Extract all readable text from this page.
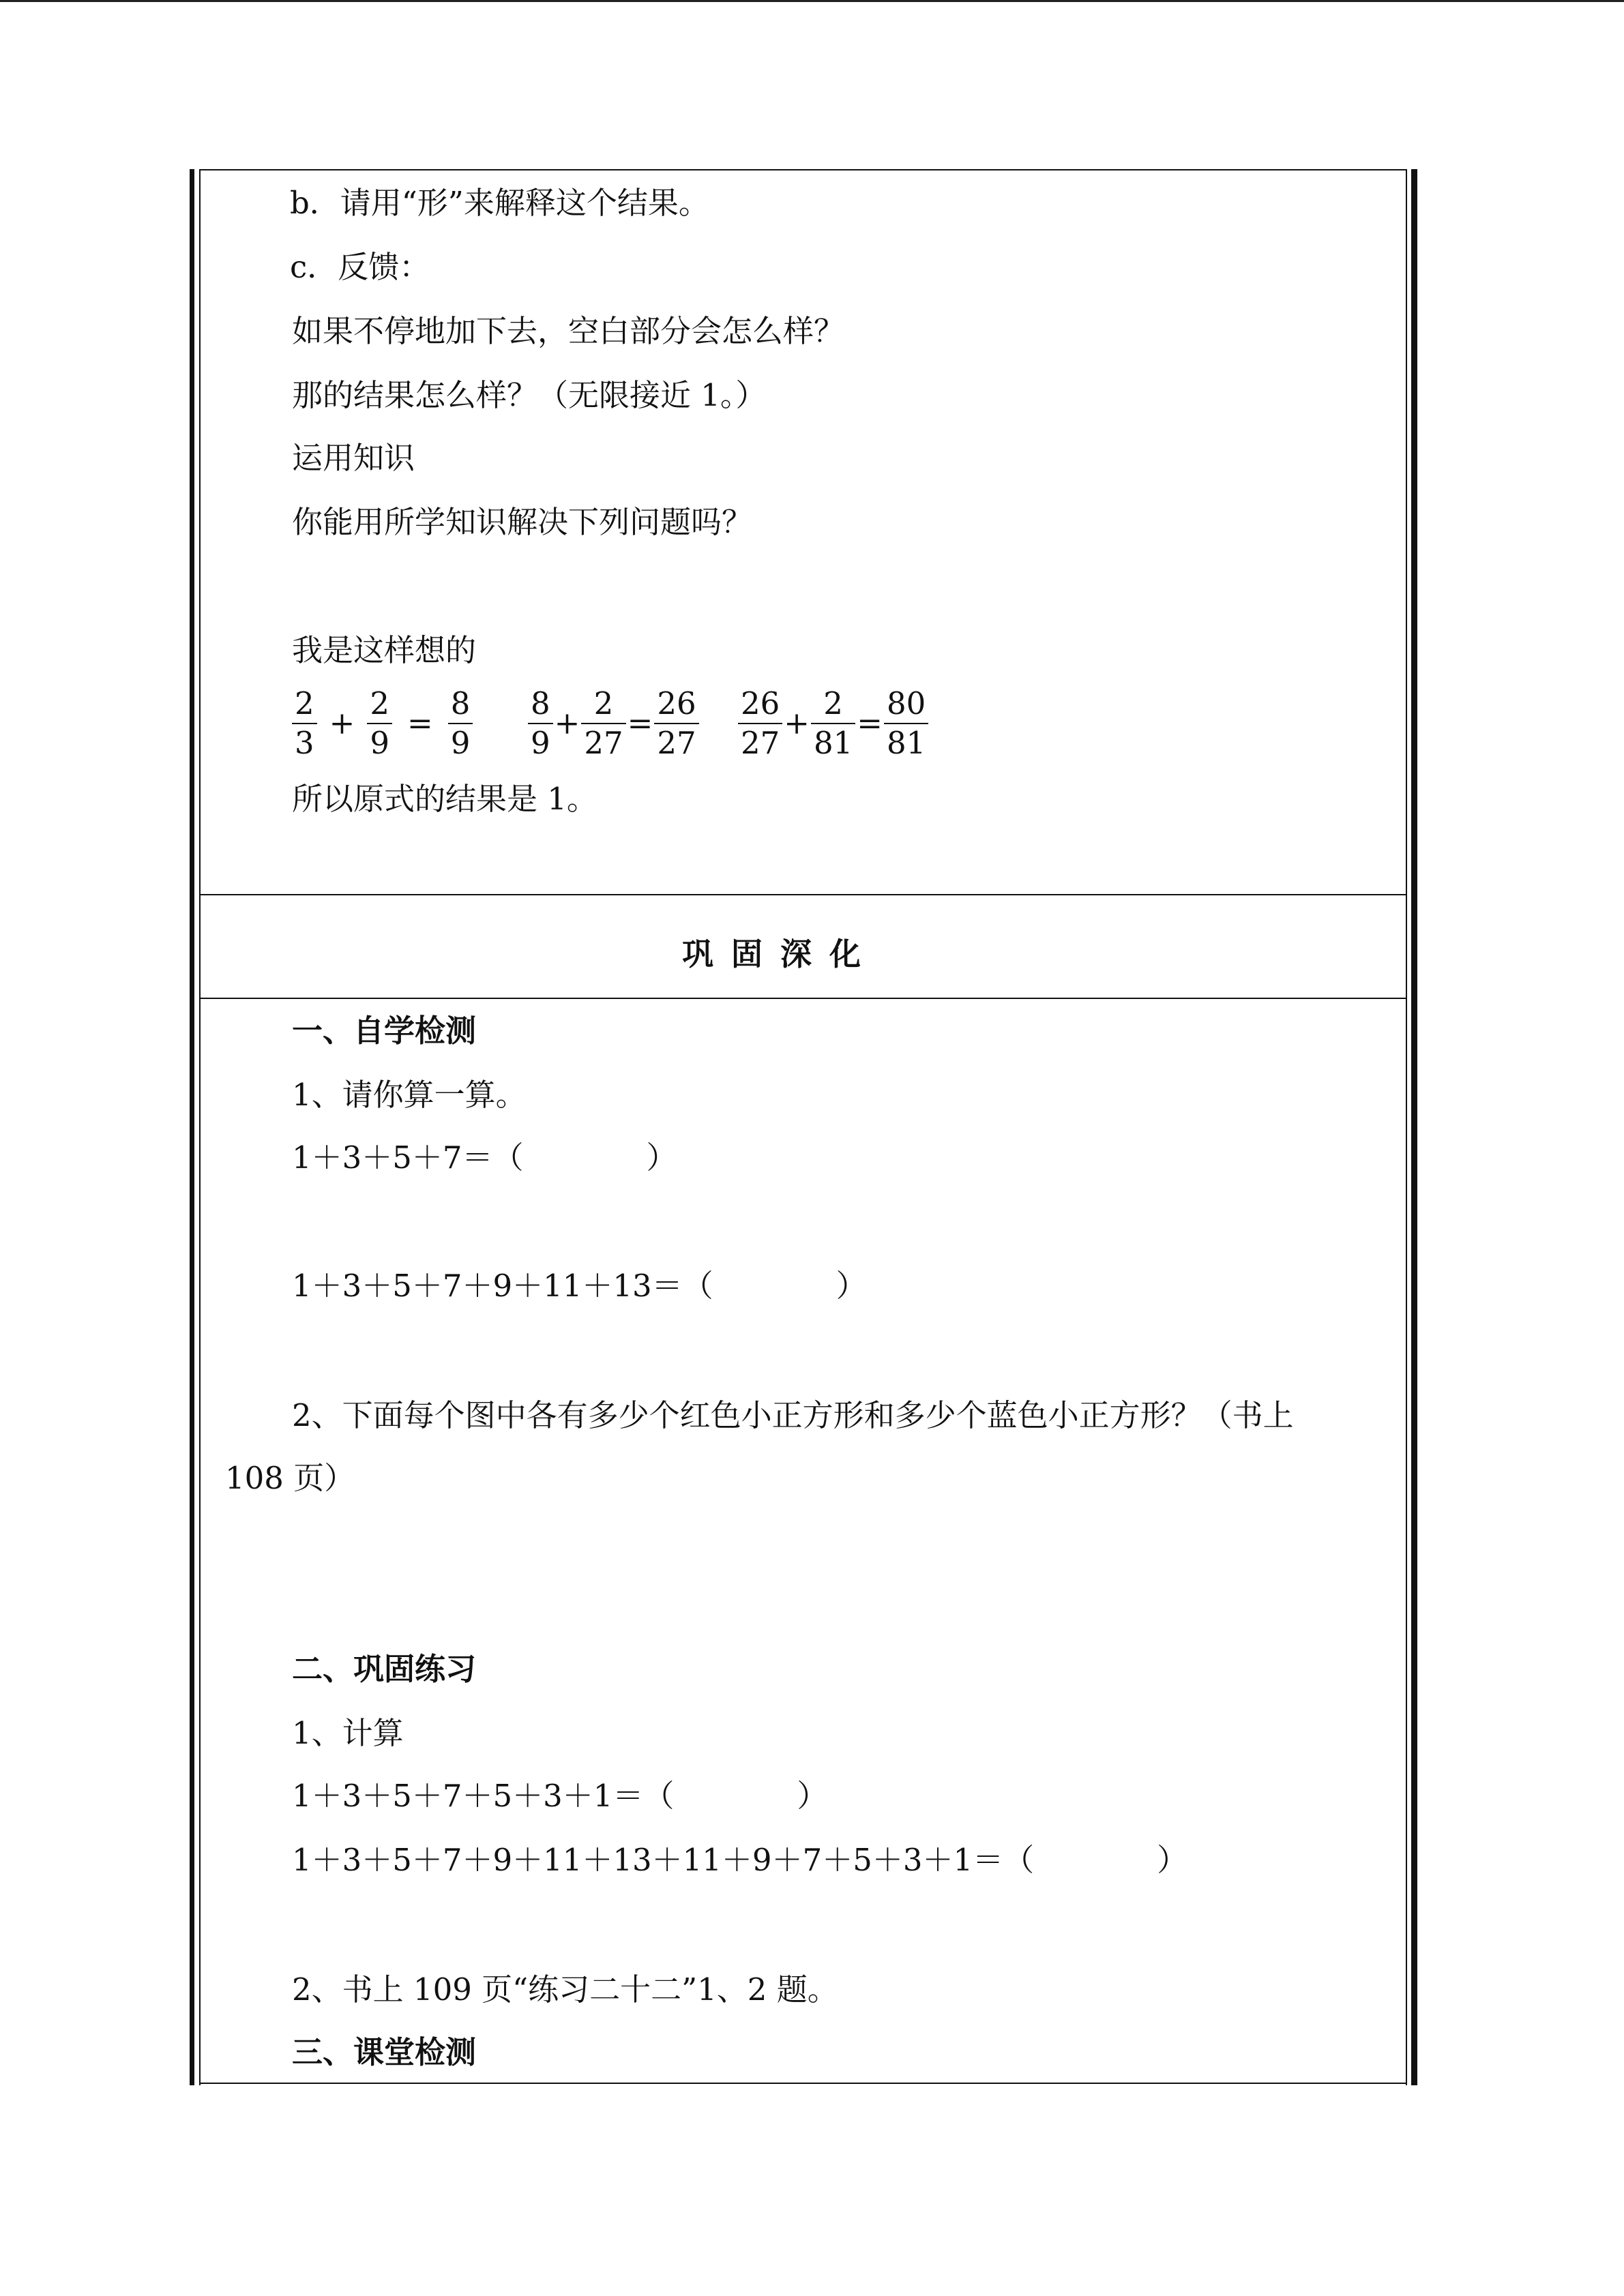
b．请用“形”来解释这个结果。
c．反馈：
如果不停地加下去，空白部分会怎么样？
那的结果怎么样？（无限接近 1。）
运用知识
你能用所学知识解决下列问题吗？
我是这样想的
$\frac{2}{3} + \frac{2}{9} = \frac{8}{9} \frac{8}{9} + \frac{2}{27} = \frac{26}{27} \frac{26}{27} + \frac{2}{81} = \frac{80}{81}$
所以原式的结果是 1。
巩固深化
一、自学检测
1、请你算一算。
1＋3＋5＋7＝（　　　　）
1＋3＋5＋7＋9＋11＋13＝（　　　　）
2、下面每个图中各有多少个红色小正方形和多少个蓝色小正方形？（书上
108 页）
二、巩固练习
1、计算
1＋3＋5＋7＋5＋3＋1＝（　　　　）
1＋3＋5＋7＋9＋11＋13＋11＋9＋7＋5＋3＋1＝（　　　　）
2、书上 109 页“练习二十二”1、2 题。
三、课堂检测
